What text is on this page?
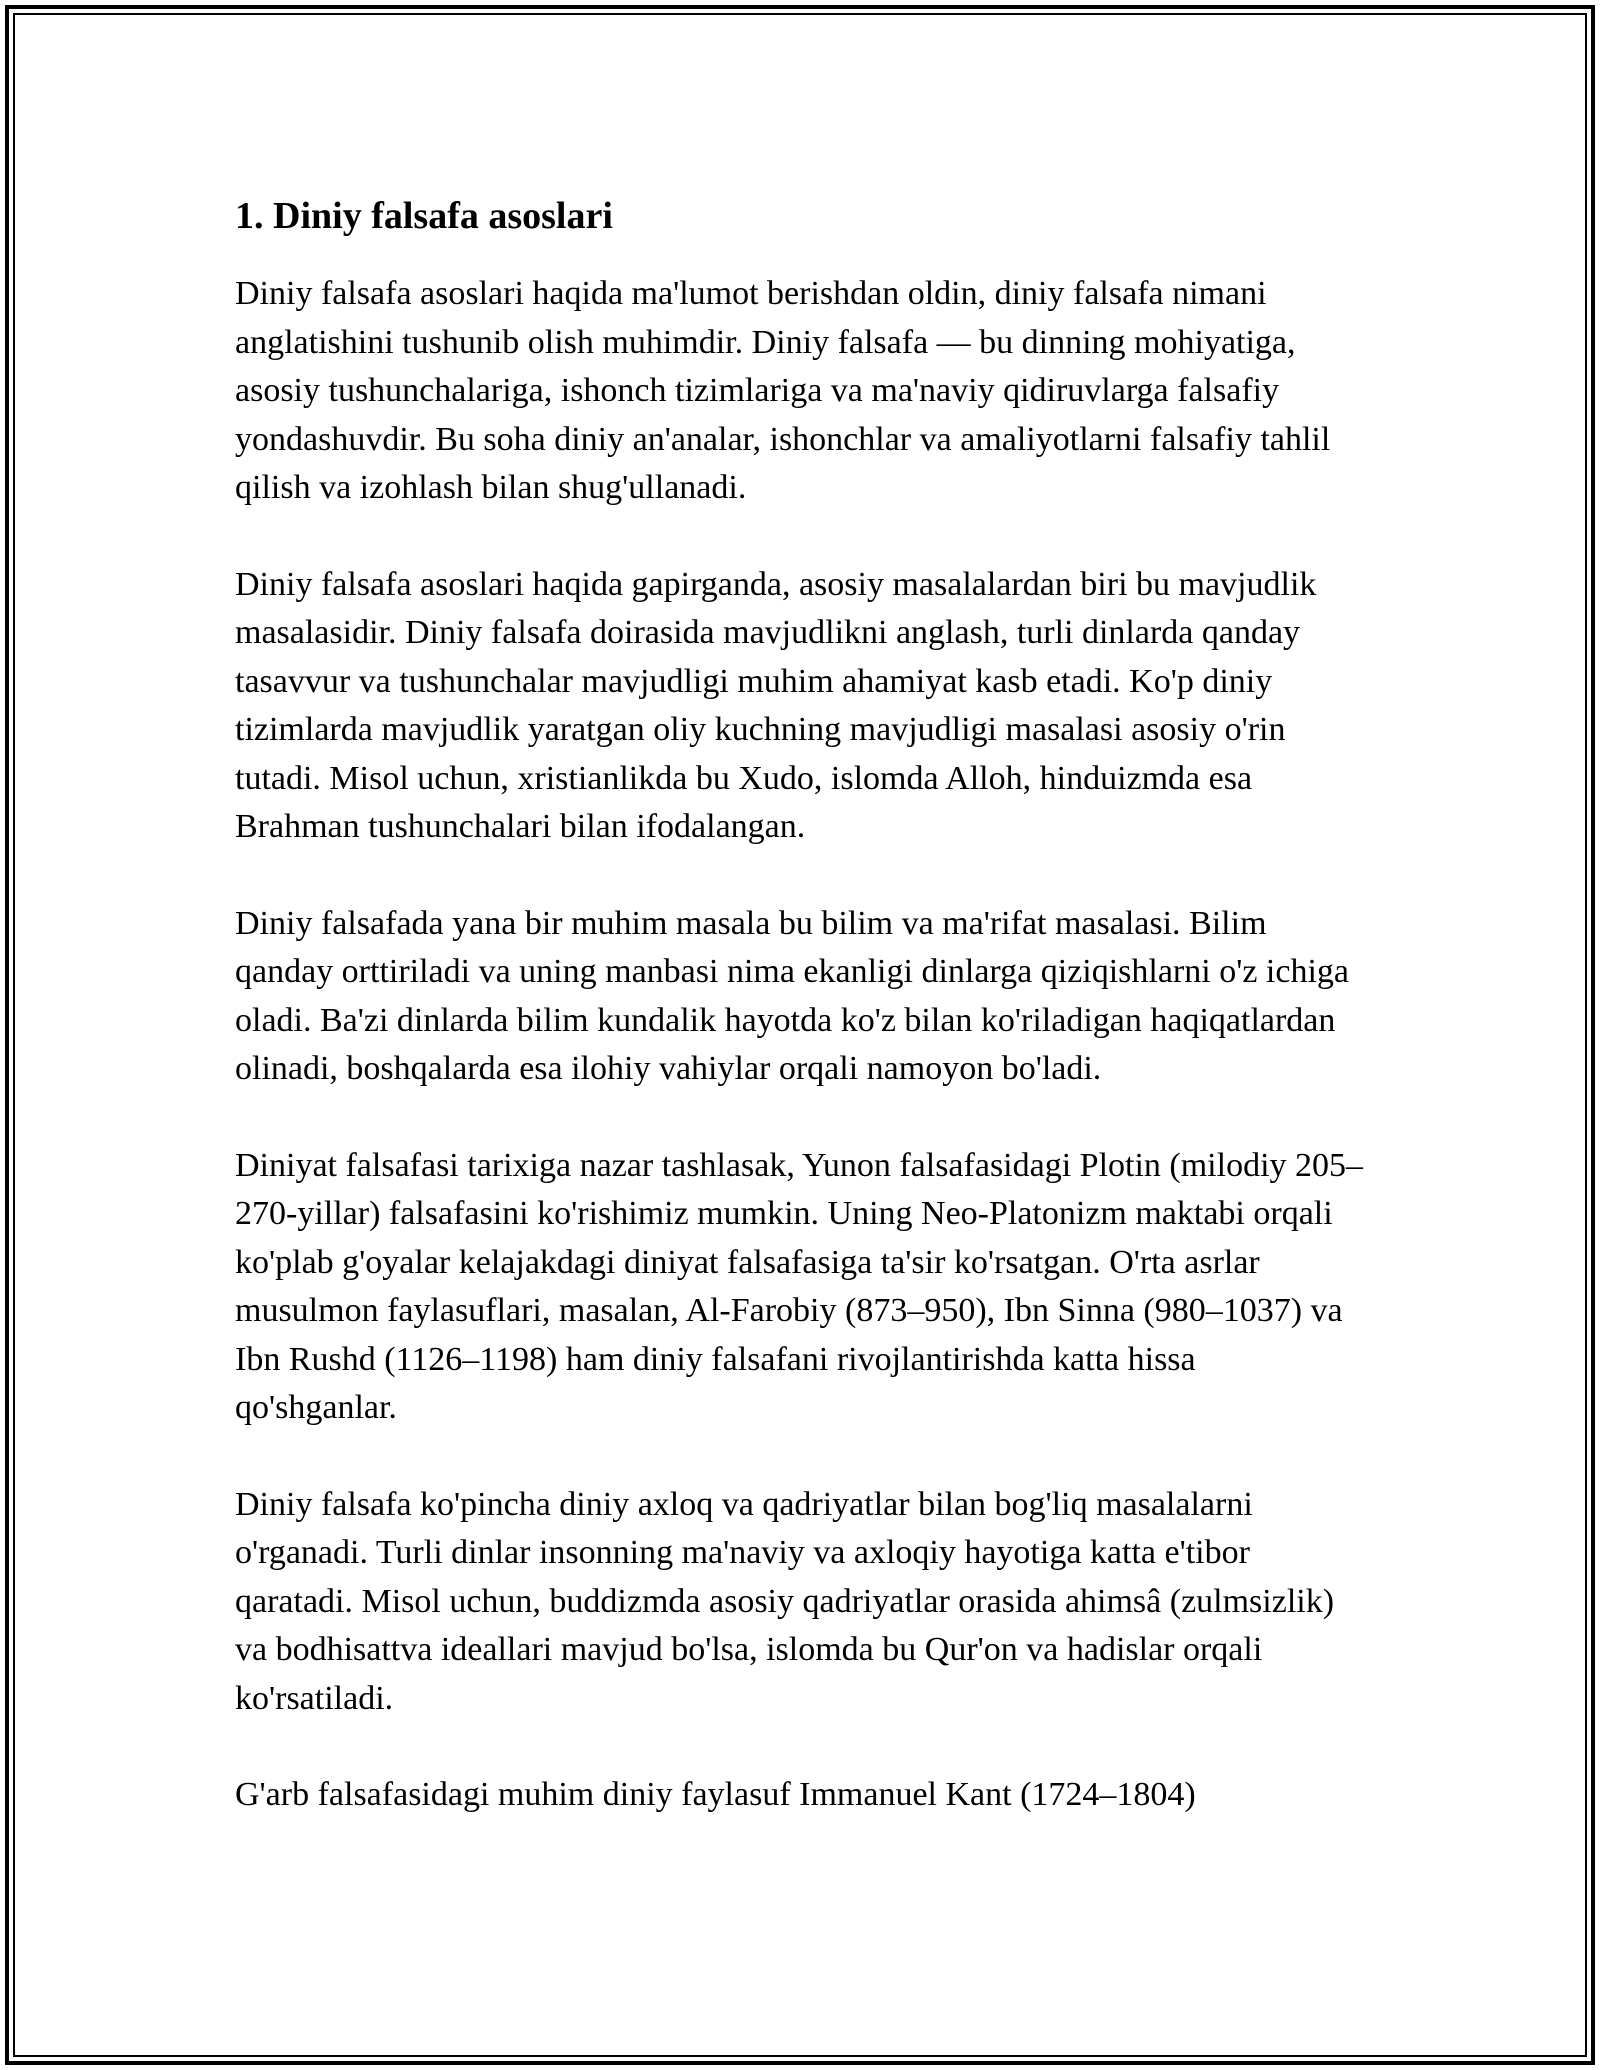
1. Diniy falsafa asoslari

Diniy falsafa asoslari haqida ma'lumot berishdan oldin, diniy falsafa nimani anglatishini tushunib olish muhimdir. Diniy falsafa — bu dinning mohiyatiga, asosiy tushunchalariga, ishonch tizimlariga va ma'naviy qidiruvlarga falsafiy yondashuvdir. Bu soha diniy an'analar, ishonchlar va amaliyotlarni falsafiy tahlil qilish va izohlash bilan shug'ullanadi.

Diniy falsafa asoslari haqida gapirganda, asosiy masalalardan biri bu mavjudlik masalasidir. Diniy falsafa doirasida mavjudlikni anglash, turli dinlarda qanday tasavvur va tushunchalar mavjudligi muhim ahamiyat kasb etadi. Ko'p diniy tizimlarda mavjudlik yaratgan oliy kuchning mavjudligi masalasi asosiy o'rin tutadi. Misol uchun, xristianlikda bu Xudo, islomda Alloh, hinduizmda esa Brahman tushunchalari bilan ifodalangan.

Diniy falsafada yana bir muhim masala bu bilim va ma'rifat masalasi. Bilim qanday orttiriladi va uning manbasi nima ekanligi dinlarga qiziqishlarni o'z ichiga oladi. Ba'zi dinlarda bilim kundalik hayotda ko'z bilan ko'riladigan haqiqatlardan olinadi, boshqalarda esa ilohiy vahiylar orqali namoyon bo'ladi.

Diniyat falsafasi tarixiga nazar tashlasak, Yunon falsafasidagi Plotin (milodiy 205–270-yillar) falsafasini ko'rishimiz mumkin. Uning Neo-Platonizm maktabi orqali ko'plab g'oyalar kelajakdagi diniyat falsafasiga ta'sir ko'rsatgan. O'rta asrlar musulmon faylasuflari, masalan, Al-Farobiy (873–950), Ibn Sinna (980–1037) va Ibn Rushd (1126–1198) ham diniy falsafani rivojlantirishda katta hissa qo'shganlar.

Diniy falsafa ko'pincha diniy axloq va qadriyatlar bilan bog'liq masalalarni o'rganadi. Turli dinlar insonning ma'naviy va axloqiy hayotiga katta e'tibor qaratadi. Misol uchun, buddizmda asosiy qadriyatlar orasida ahimsâ (zulmsizlik) va bodhisattva ideallari mavjud bo'lsa, islomda bu Qur'on va hadislar orqali ko'rsatiladi.

G'arb falsafasidagi muhim diniy faylasuf Immanuel Kant (1724–1804)
